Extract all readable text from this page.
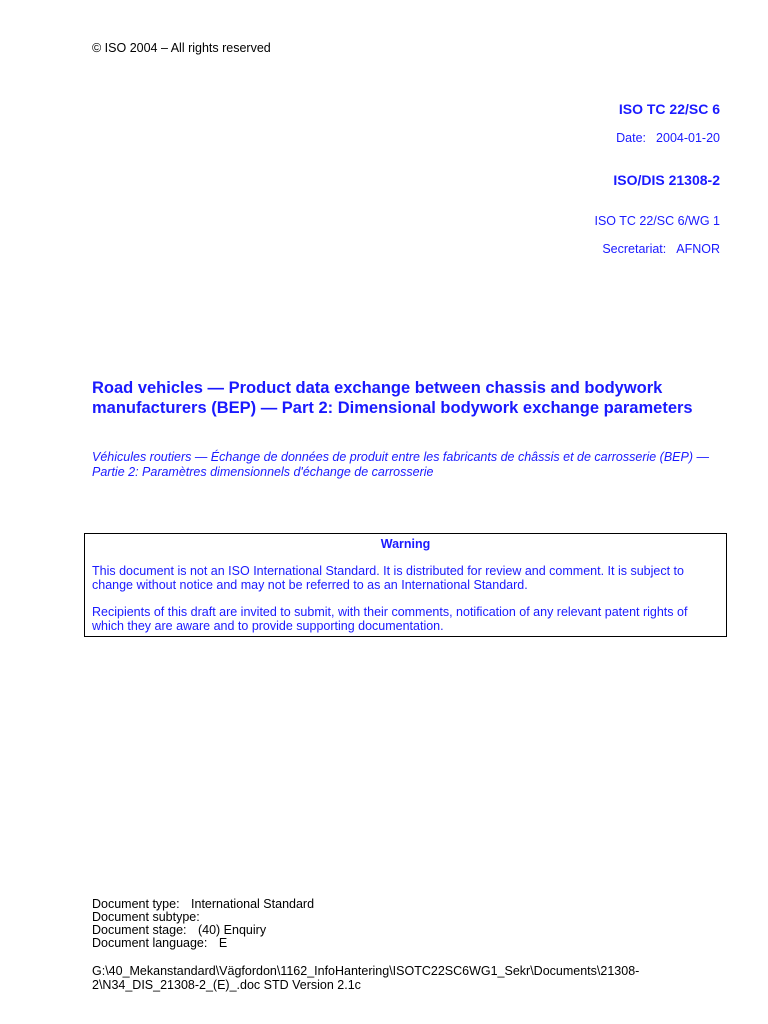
© ISO 2004 – All rights reserved
ISO TC 22/SC 6
Date: 2004-01-20
ISO/DIS 21308-2
ISO TC 22/SC 6/WG 1
Secretariat: AFNOR
Road vehicles — Product data exchange between chassis and bodywork manufacturers (BEP) — Part 2: Dimensional bodywork exchange parameters
Véhicules routiers — Échange de données de produit entre les fabricants de châssis et de carrosserie (BEP) — Partie 2: Paramètres dimensionnels d'échange de carrosserie
Warning
This document is not an ISO International Standard. It is distributed for review and comment. It is subject to change without notice and may not be referred to as an International Standard.
Recipients of this draft are invited to submit, with their comments, notification of any relevant patent rights of which they are aware and to provide supporting documentation.
Document type: International Standard
Document subtype:
Document stage: (40) Enquiry
Document language: E
G:\40_Mekanstandard\Vägfordon\1162_InfoHantering\ISOTC22SC6WG1_Sekr\Documents\21308-2\N34_DIS_21308-2_(E)_.doc STD Version 2.1c
